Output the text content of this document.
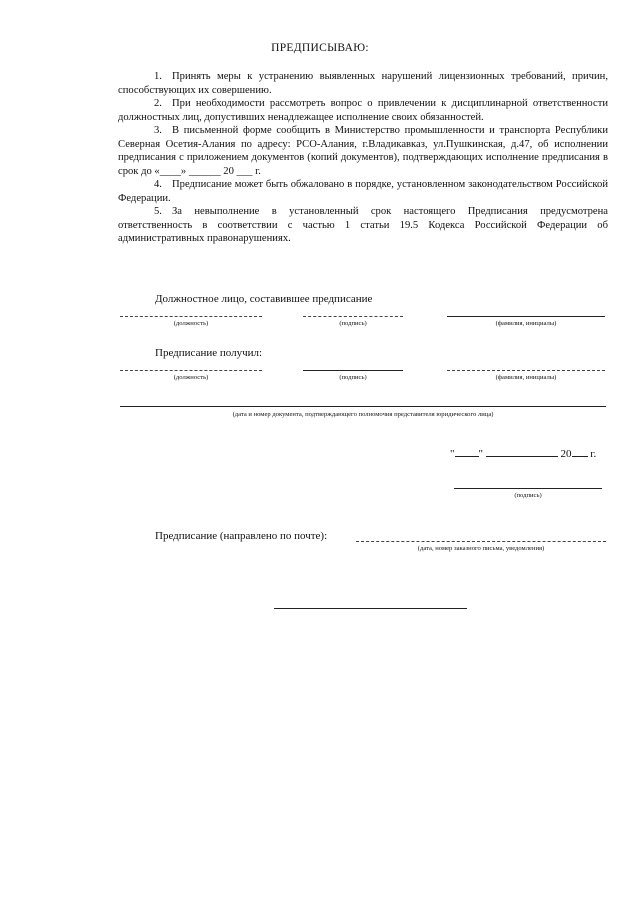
ПРЕДПИСЫВАЮ:

1. Принять меры к устранению выявленных нарушений лицензионных требований, причин, способствующих их совершению.

2. При необходимости рассмотреть вопрос о привлечении к дисциплинарной ответственности должностных лиц, допустивших ненадлежащее исполнение своих обязанностей.

3. В письменной форме сообщить в Министерство промышленности и транспорта Республики Северная Осетия-Алания по адресу: РСО-Алания, г.Владикавказ, ул.Пушкинская, д.47, об исполнении предписания с приложением документов (копий документов), подтверждающих исполнение предписания в срок до «____» ______ 20 ___ г.

4. Предписание может быть обжаловано в порядке, установленном законодательством Российской Федерации.

5. За невыполнение в установленный срок настоящего Предписания предусмотрена ответственность в соответствии с частью 1 статьи 19.5 Кодекса Российской Федерации об административных правонарушениях.

Должностное лицо, составившее предписание
(должность)	(подпись)	(фамилия, инициалы)
Предписание получил:
(должность)	(подпись)	(фамилия, инициалы)
(дата и номер документа, подтверждающего полномочия представителя юридического лица)
" "	20 г.
(подпись)
Предписание (направлено по почте):
(дата, номер заказного письма, уведомления)
